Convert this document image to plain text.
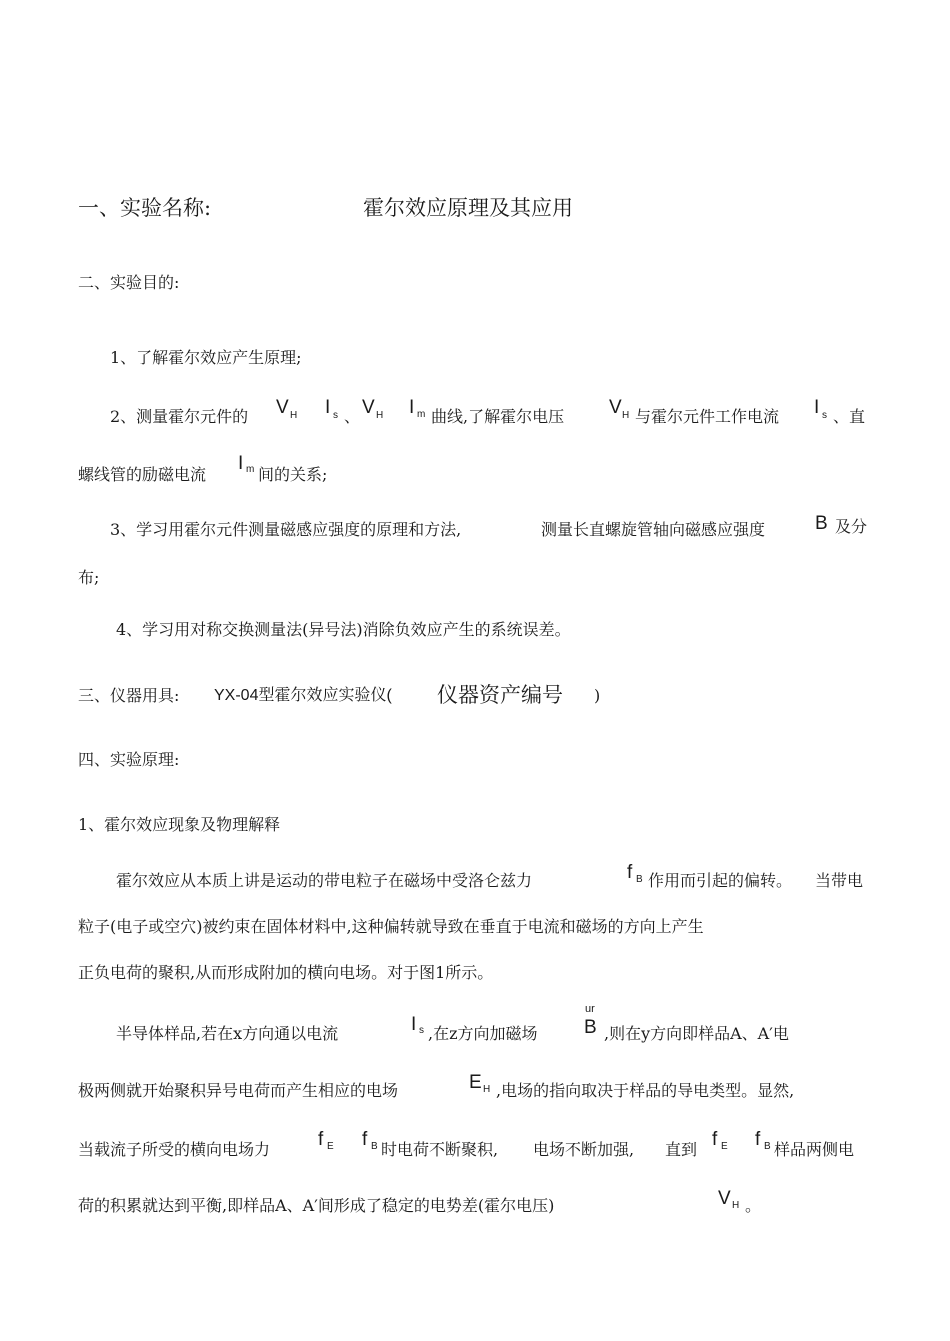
一、实验名称:	霍尔效应原理及其应用
二、实验目的:
1、了解霍尔效应产生原理;
2、测量霍尔元件的 V H I s 、 V H I m 曲线,了解霍尔电压 V H 与霍尔元件工作电流 I s 、直
螺线管的励磁电流
I m 间的关系;
3、学习用霍尔元件测量磁感应强度的原理和方法,	测量长直螺旋管轴向磁感应强度	B 及分
布;
4、学习用对称交换测量法(异号法)消除负效应产生的系统误差。
三、仪器用具: YX-04型霍尔效应实验仪( 仪器资产编号 )
四、实验原理:
1、霍尔效应现象及物理解释
霍尔效应从本质上讲是运动的带电粒子在磁场中受洛仑兹力	f B 作用而引起的偏转。 当带电
粒子(电子或空穴)被约束在固体材料中,这种偏转就导致在垂直于电流和磁场的方向上产生
正负电荷的聚积,从而形成附加的横向电场。对于图1所示。
半导体样品,若在x方向通以电流	I s ,在z方向加磁场
ur
B ,则在y方向即样品A、A′电
极两侧就开始聚积异号电荷而产生相应的电场	E H ,电场的指向取决于样品的导电类型。显然,
当载流子所受的横向电场力	f E f B 时电荷不断聚积, 电场不断加强, 直到 f E f B 样品两侧电
荷的积累就达到平衡,即样品A、A′间形成了稳定的电势差(霍尔电压)	V H 。
